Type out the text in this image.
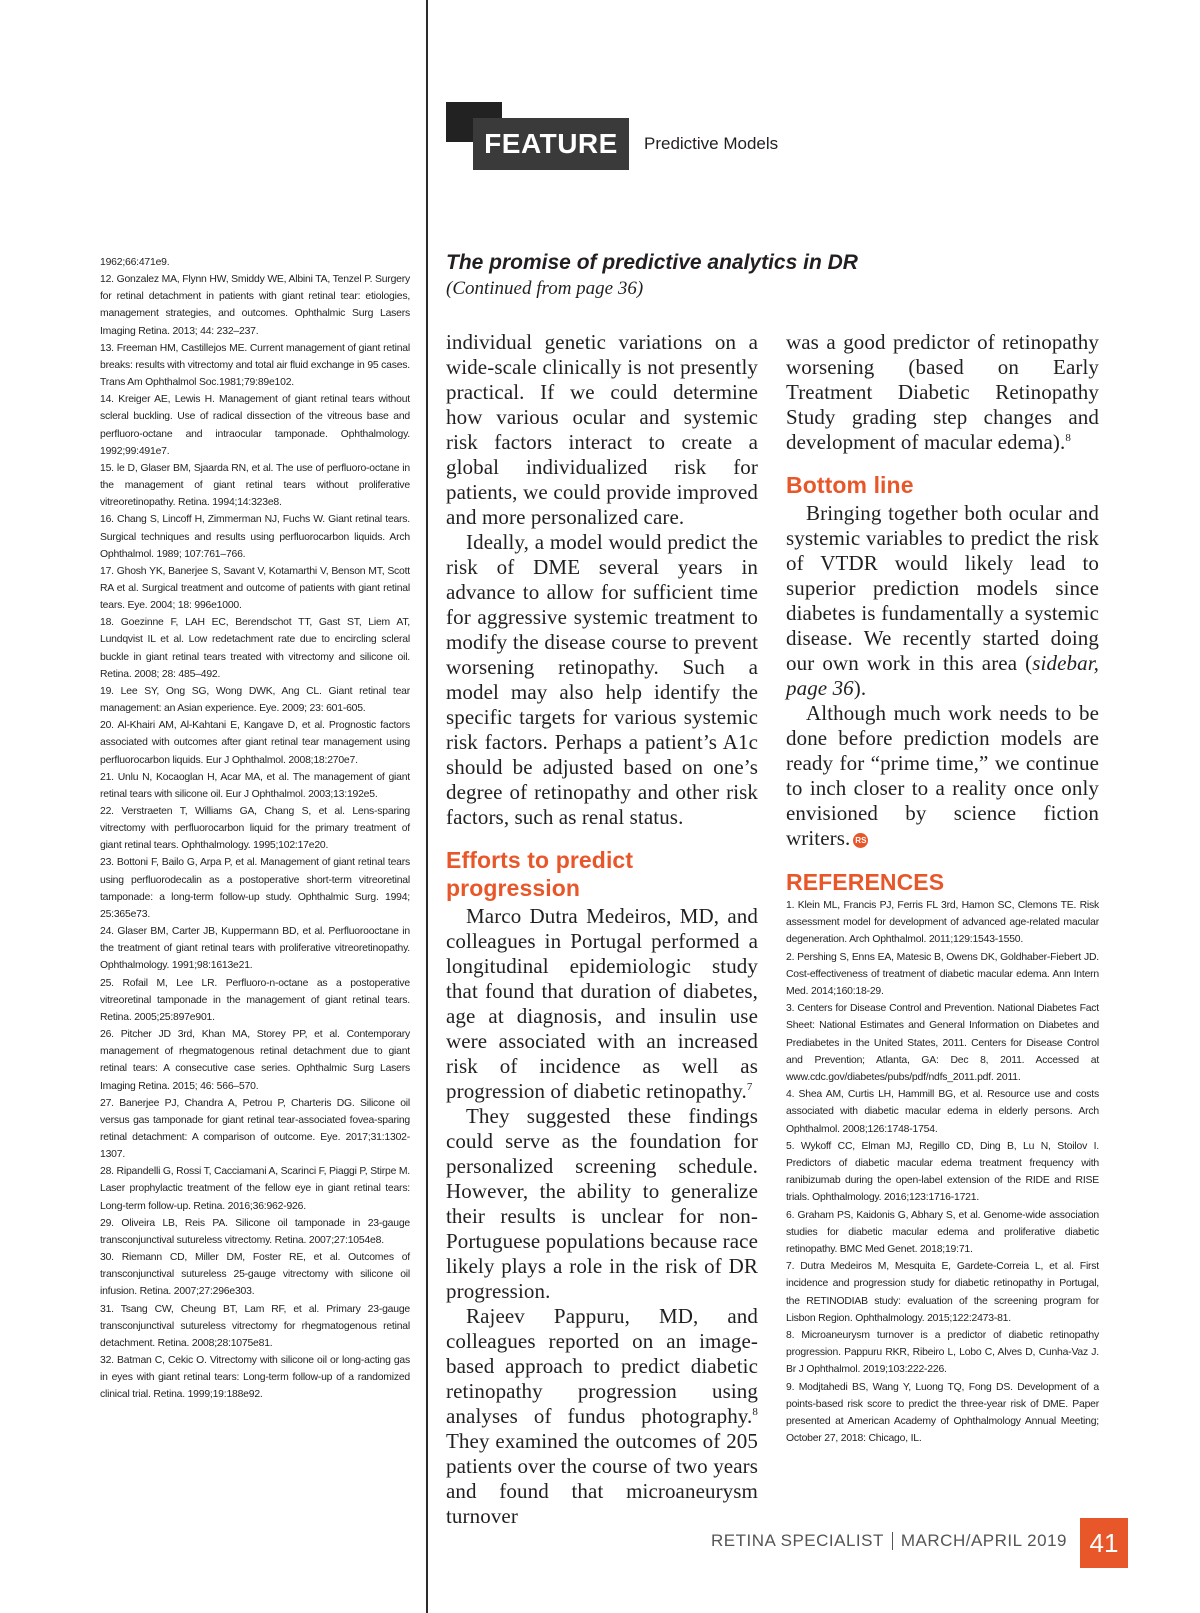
FEATURE	Predictive Models

1962;66:471e9.

12. Gonzalez MA, Flynn HW, Smiddy WE, Albini TA, Tenzel P. Surgery for retinal detachment in patients with giant retinal tear: etiologies, management strategies, and outcomes. Ophthalmic Surg Lasers Imaging Retina. 2013; 44: 232–237.

13. Freeman HM, Castillejos ME. Current management of giant retinal breaks: results with vitrectomy and total air fluid exchange in 95 cases. Trans Am Ophthalmol Soc.1981;79:89e102.

14. Kreiger AE, Lewis H. Management of giant retinal tears without scleral buckling. Use of radical dissection of the vitreous base and perfluoro-octane and intraocular tamponade. Ophthalmology. 1992;99:491e7.

15. le D, Glaser BM, Sjaarda RN, et al. The use of perfluoro-octane in the management of giant retinal tears without proliferative vitreoretinopathy. Retina. 1994;14:323e8.

16. Chang S, Lincoff H, Zimmerman NJ, Fuchs W. Giant retinal tears. Surgical techniques and results using perfluorocarbon liquids. Arch Ophthalmol. 1989; 107:761–766.

17. Ghosh YK, Banerjee S, Savant V, Kotamarthi V, Benson MT, Scott RA et al. Surgical treatment and outcome of patients with giant retinal tears. Eye. 2004; 18: 996e1000.

18. Goezinne F, LAH EC, Berendschot TT, Gast ST, Liem AT, Lundqvist IL et al. Low redetachment rate due to encircling scleral buckle in giant retinal tears treated with vitrectomy and silicone oil. Retina. 2008; 28: 485–492.

19. Lee SY, Ong SG, Wong DWK, Ang CL. Giant retinal tear management: an Asian experience. Eye. 2009; 23: 601-605.

20. Al-Khairi AM, Al-Kahtani E, Kangave D, et al. Prognostic factors associated with outcomes after giant retinal tear management using perfluorocarbon liquids. Eur J Ophthalmol. 2008;18:270e7.

21. Unlu N, Kocaoglan H, Acar MA, et al. The management of giant retinal tears with silicone oil. Eur J Ophthalmol. 2003;13:192e5.

22. Verstraeten T, Williams GA, Chang S, et al. Lens-sparing vitrectomy with perfluorocarbon liquid for the primary treatment of giant retinal tears. Ophthalmology. 1995;102:17e20.

23. Bottoni F, Bailo G, Arpa P, et al. Management of giant retinal tears using perfluorodecalin as a postoperative short-term vitreoretinal tamponade: a long-term follow-up study. Ophthalmic Surg. 1994; 25:365e73.

24. Glaser BM, Carter JB, Kuppermann BD, et al. Perfluorooctane in the treatment of giant retinal tears with proliferative vitreoretinopathy. Ophthalmology. 1991;98:1613e21.

25. Rofail M, Lee LR. Perfluoro-n-octane as a postoperative vitreoretinal tamponade in the management of giant retinal tears. Retina. 2005;25:897e901.

26. Pitcher JD 3rd, Khan MA, Storey PP, et al. Contemporary management of rhegmatogenous retinal detachment due to giant retinal tears: A consecutive case series. Ophthalmic Surg Lasers Imaging Retina. 2015; 46: 566–570.

27. Banerjee PJ, Chandra A, Petrou P, Charteris DG. Silicone oil versus gas tamponade for giant retinal tear-associated fovea-sparing retinal detachment: A comparison of outcome. Eye. 2017;31:1302-1307.

28. Ripandelli G, Rossi T, Cacciamani A, Scarinci F, Piaggi P, Stirpe M. Laser prophylactic treatment of the fellow eye in giant retinal tears: Long-term follow-up. Retina. 2016;36:962-926.

29. Oliveira LB, Reis PA. Silicone oil tamponade in 23-gauge transconjunctival sutureless vitrectomy. Retina. 2007;27:1054e8.

30. Riemann CD, Miller DM, Foster RE, et al. Outcomes of transconjunctival sutureless 25-gauge vitrectomy with silicone oil infusion. Retina. 2007;27:296e303.

31. Tsang CW, Cheung BT, Lam RF, et al. Primary 23-gauge transconjunctival sutureless vitrectomy for rhegmatogenous retinal detachment. Retina. 2008;28:1075e81.

32. Batman C, Cekic O. Vitrectomy with silicone oil or long-acting gas in eyes with giant retinal tears: Long-term follow-up of a randomized clinical trial. Retina. 1999;19:188e92.

The promise of predictive analytics in DR
(Continued from page 36)

individual genetic variations on a wide-scale clinically is not presently practical. If we could determine how various ocular and systemic risk factors interact to create a global individualized risk for patients, we could provide improved and more personalized care.

Ideally, a model would predict the risk of DME several years in advance to allow for sufficient time for aggressive systemic treatment to modify the disease course to prevent worsening retinopathy. Such a model may also help identify the specific targets for various systemic risk factors. Perhaps a patient’s A1c should be adjusted based on one’s degree of retinopathy and other risk factors, such as renal status.

Efforts to predict progression

Marco Dutra Medeiros, MD, and colleagues in Portugal performed a longitudinal epidemiologic study that found that duration of diabetes, age at diagnosis, and insulin use were associated with an increased risk of incidence as well as progression of diabetic retinopathy.$^7$

They suggested these findings could serve as the foundation for personalized screening schedule. However, the ability to generalize their results is unclear for non-Portuguese populations because race likely plays a role in the risk of DR progression.

Rajeev Pappuru, MD, and colleagues reported on an image-based approach to predict diabetic retinopathy progression using analyses of fundus photography.$^8$ They examined the outcomes of 205 patients over the course of two years and found that microaneurysm turnover

was a good predictor of retinopathy worsening (based on Early Treatment Diabetic Retinopathy Study grading step changes and development of macular edema).$^8$

Bottom line

Bringing together both ocular and systemic variables to predict the risk of VTDR would likely lead to superior prediction models since diabetes is fundamentally a systemic disease. We recently started doing our own work in this area (sidebar, page 36).

Although much work needs to be done before prediction models are ready for “prime time,” we continue to inch closer to a reality once only envisioned by science fiction writers. RS

REFERENCES

1. Klein ML, Francis PJ, Ferris FL 3rd, Hamon SC, Clemons TE. Risk assessment model for development of advanced age-related macular degeneration. Arch Ophthalmol. 2011;129:1543-1550.

2. Pershing S, Enns EA, Matesic B, Owens DK, Goldhaber-Fiebert JD. Cost-effectiveness of treatment of diabetic macular edema. Ann Intern Med. 2014;160:18-29.

3. Centers for Disease Control and Prevention. National Diabetes Fact Sheet: National Estimates and General Information on Diabetes and Prediabetes in the United States, 2011. Centers for Disease Control and Prevention; Atlanta, GA: Dec 8, 2011. Accessed at www.cdc.gov/diabetes/pubs/pdf/ndfs_2011.pdf. 2011.

4. Shea AM, Curtis LH, Hammill BG, et al. Resource use and costs associated with diabetic macular edema in elderly persons. Arch Ophthalmol. 2008;126:1748-1754.

5. Wykoff CC, Elman MJ, Regillo CD, Ding B, Lu N, Stoilov I. Predictors of diabetic macular edema treatment frequency with ranibizumab during the open-label extension of the RIDE and RISE trials. Ophthalmology. 2016;123:1716-1721.

6. Graham PS, Kaidonis G, Abhary S, et al. Genome-wide association studies for diabetic macular edema and proliferative diabetic retinopathy. BMC Med Genet. 2018;19:71.

7. Dutra Medeiros M, Mesquita E, Gardete-Correia L, et al. First incidence and progression study for diabetic retinopathy in Portugal, the RETINODIAB study: evaluation of the screening program for Lisbon Region. Ophthalmology. 2015;122:2473-81.

8. Microaneurysm turnover is a predictor of diabetic retinopathy progression. Pappuru RKR, Ribeiro L, Lobo C, Alves D, Cunha-Vaz J. Br J Ophthalmol. 2019;103:222-226.

9. Modjtahedi BS, Wang Y, Luong TQ, Fong DS. Development of a points-based risk score to predict the three-year risk of DME. Paper presented at American Academy of Ophthalmology Annual Meeting; October 27, 2018: Chicago, IL.

RETINA SPECIALIST MARCH/APRIL 2019 41
